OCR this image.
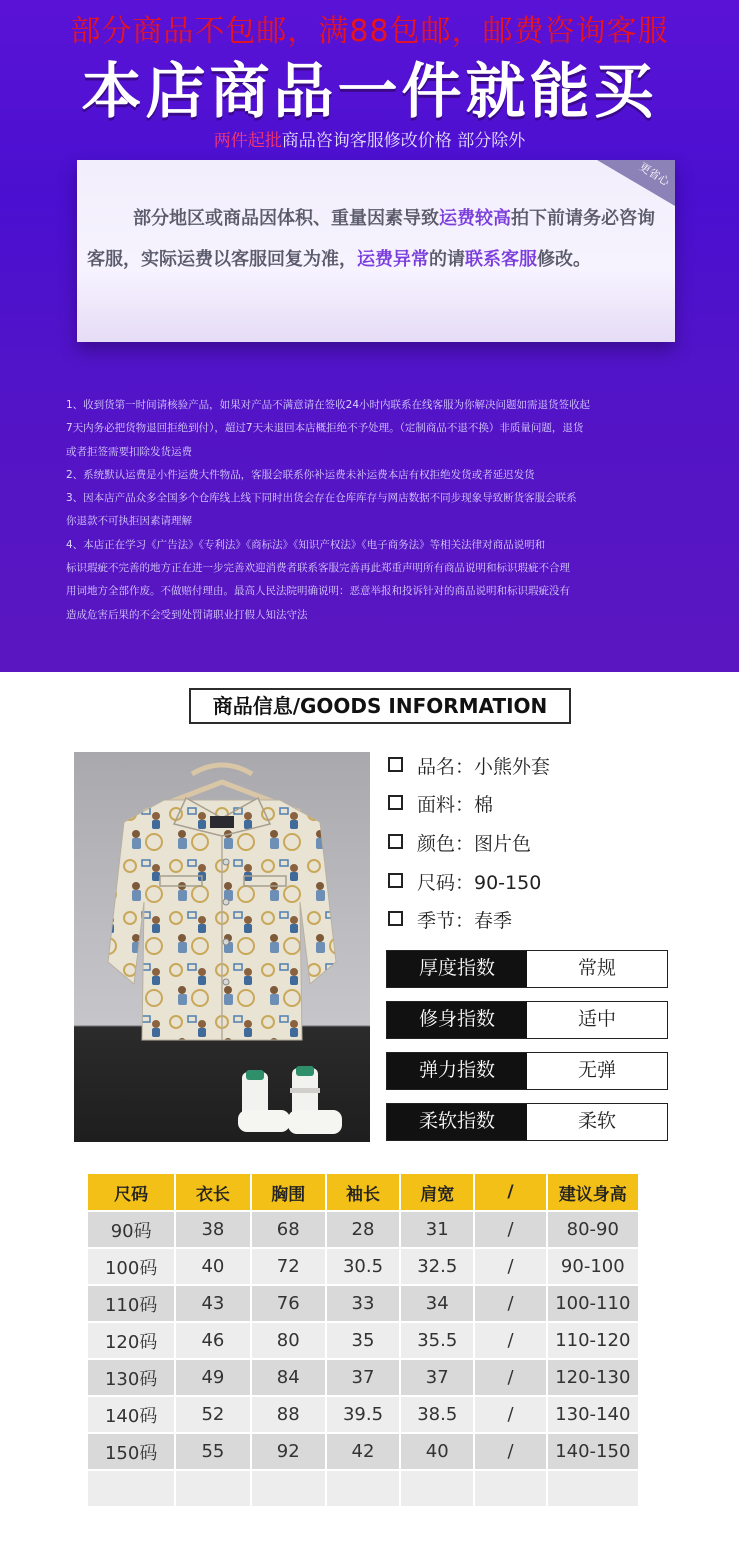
部分商品不包邮，满88包邮，邮费咨询客服
本店商品一件就能买
两件起批商品咨询客服修改价格 部分除外
更省心
部分地区或商品因体积、重量因素导致运费较高拍下前请务必咨询客服，实际运费以客服回复为准，运费异常的请联系客服修改。
1、收到货第一时间请核验产品，如果对产品不满意请在签收24小时内联系在线客服为你解决问题如需退货签收起
7天内务必把货物退回拒绝到付），超过7天未退回本店概拒绝不予处理。（定制商品不退不换）非质量问题，退货
或者拒签需要扣除发货运费
2、系统默认运费是小件运费大件物品，客服会联系你补运费未补运费本店有权拒绝发货或者延迟发货
3、因本店产品众多全国多个仓库线上线下同时出货会存在仓库库存与网店数据不同步现象导致断货客服会联系
你退款不可执拒因素请理解
4、本店正在学习《广告法》《专利法》《商标法》《知识产权法》《电子商务法》等相关法律对商品说明和
标识瑕疵不完善的地方正在进一步完善欢迎消费者联系客服完善再此郑重声明所有商品说明和标识瑕疵不合理
用词地方全部作废。不做赔付理由。最高人民法院明确说明：恶意举报和投诉针对的商品说明和标识瑕疵没有
造成危害后果的不会受到处罚请职业打假人知法守法
商品信息/GOODS INFORMATION
品名：小熊外套
面料：棉
颜色：图片色
尺码：90-150
季节：春季
厚度指数	常规
修身指数	适中
弹力指数	无弹
柔软指数	柔软
尺码	衣长	胸围	袖长	肩宽	/	建议身高
90码	38	68	28	31	/	80-90
100码	40	72	30.5	32.5	/	90-100
110码	43	76	33	34	/	100-110
120码	46	80	35	35.5	/	110-120
130码	49	84	37	37	/	120-130
140码	52	88	39.5	38.5	/	130-140
150码	55	92	42	40	/	140-150
